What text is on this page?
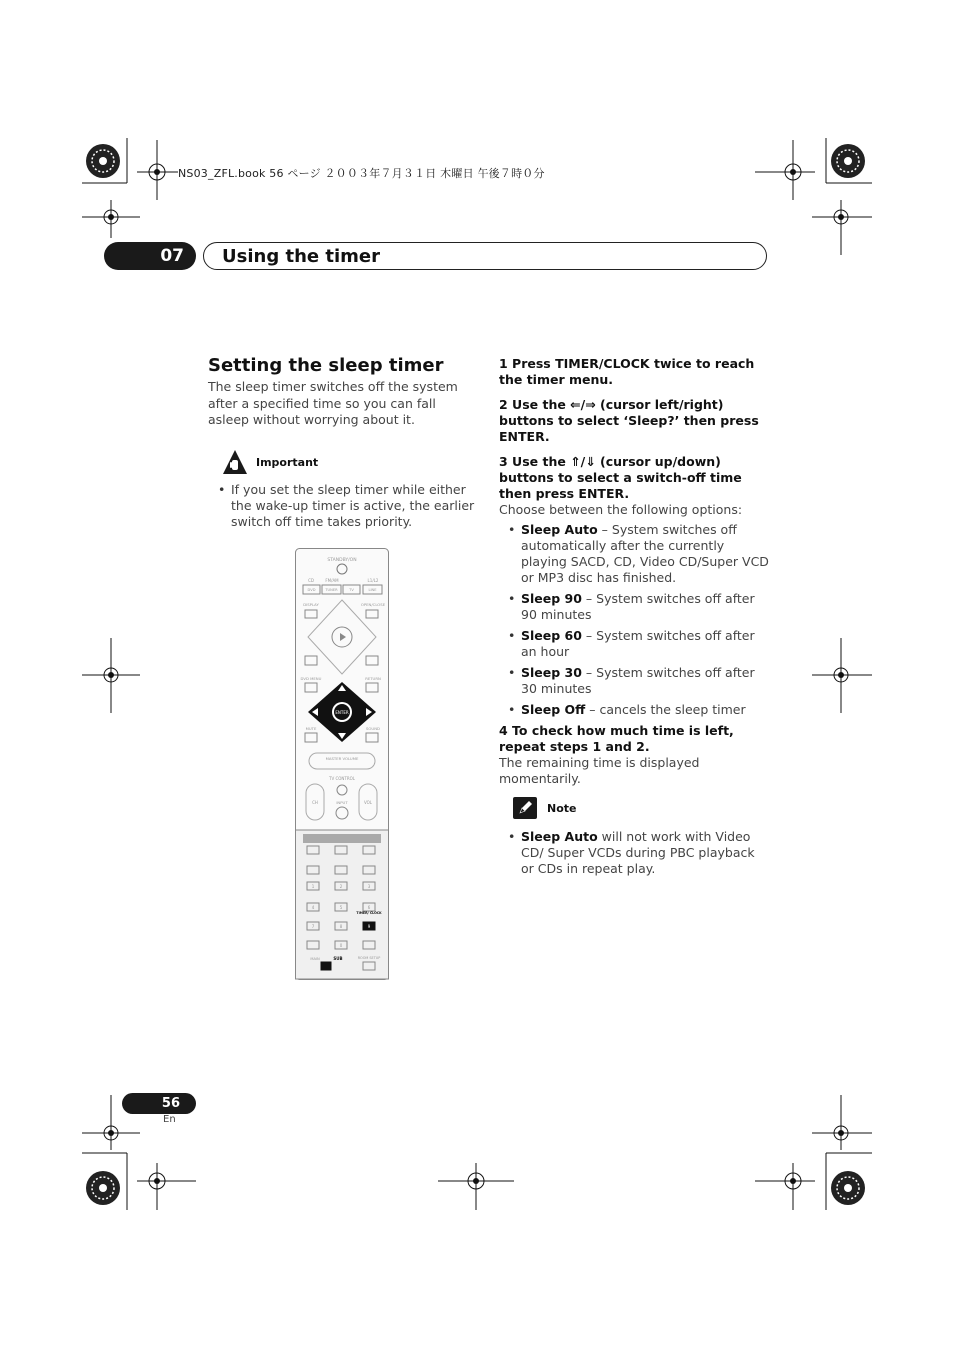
NS03_ZFL.book 56 ページ ２００３年７月３１日 木曜日 午後７時０分
07 Using the timer
Setting the sleep timer

The sleep timer switches off the system after a specified time so you can fall asleep without worrying about it.

Important
• If you set the sleep timer while either the wake-up timer is active, the earlier switch off time takes priority.
STANDBY/ON
CD	FM/AM	L1/L2
DVD	TUNER	TV	LINE
DISPLAY	OPEN/CLOSE
DVD MENU	RETURN
ENTER
MUTE	SOUND
MASTER VOLUME
TV CONTROL
CH	VOL
INPUT
1	2	3
4	5	6
TIMER/ CLOCK
7	8	9
0
MAIN	SUB	ROOM SETUP

1 Press TIMER/CLOCK twice to reach the timer menu.

2 Use the ⇐/⇒ (cursor left/right) buttons to select ‘Sleep?’ then press ENTER.

3 Use the ⇑/⇓ (cursor up/down) buttons to select a switch-off time then press ENTER.

Choose between the following options:

• Sleep Auto – System switches off automatically after the currently playing SACD, CD, Video CD/Super VCD or MP3 disc has finished.
• Sleep 90 – System switches off after 90 minutes
• Sleep 60 – System switches off after an hour
• Sleep 30 – System switches off after 30 minutes
• Sleep Off – cancels the sleep timer

4 To check how much time is left, repeat steps 1 and 2.

The remaining time is displayed momentarily.

Note
• Sleep Auto will not work with Video CD/ Super VCDs during PBC playback or CDs in repeat play.
56
En
